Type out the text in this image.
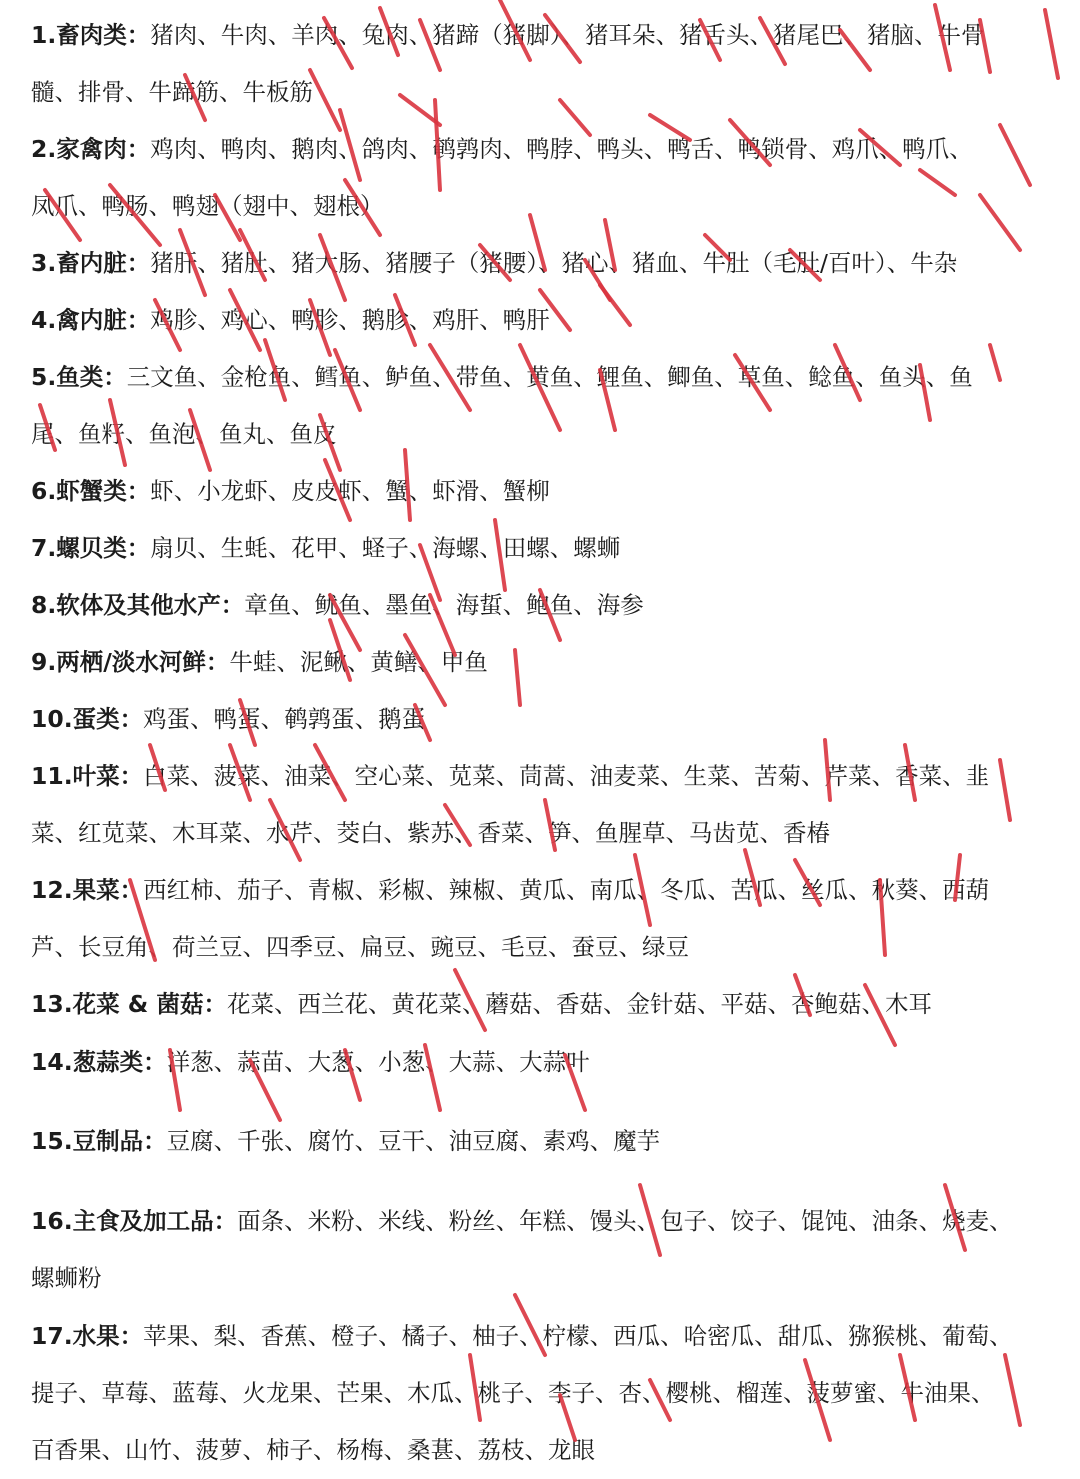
1.畜肉类：猪肉、牛肉、羊肉、兔肉、猪蹄（猪脚）、猪耳朵、猪舌头、猪尾巴、猪脑、牛骨
髓、排骨、牛蹄筋、牛板筋
2.家禽肉：鸡肉、鸭肉、鹅肉、鸽肉、鹌鹑肉、鸭脖、鸭头、鸭舌、鸭锁骨、鸡爪、鸭爪、
凤爪、鸭肠、鸭翅（翅中、翅根）
3.畜内脏：猪肝、猪肚、猪大肠、猪腰子（猪腰）、猪心、猪血、牛肚（毛肚/百叶）、牛杂
4.禽内脏：鸡胗、鸡心、鸭胗、鹅胗、鸡肝、鸭肝
5.鱼类：三文鱼、金枪鱼、鳕鱼、鲈鱼、带鱼、黄鱼、鲤鱼、鲫鱼、草鱼、鲶鱼、鱼头、鱼
尾、鱼籽、鱼泡、鱼丸、鱼皮
6.虾蟹类：虾、小龙虾、皮皮虾、蟹、虾滑、蟹柳
7.螺贝类：扇贝、生蚝、花甲、蛏子、海螺、田螺、螺蛳
8.软体及其他水产：章鱼、鱿鱼、墨鱼、海蜇、鲍鱼、海参
9.两栖/淡水河鲜：牛蛙、泥鳅、黄鳝、甲鱼
10.蛋类：鸡蛋、鸭蛋、鹌鹑蛋、鹅蛋
11.叶菜：白菜、菠菜、油菜、空心菜、苋菜、茼蒿、油麦菜、生菜、苦菊、芹菜、香菜、韭
菜、红苋菜、木耳菜、水芹、茭白、紫苏、香菜、笋、鱼腥草、马齿苋、香椿
12.果菜：西红柿、茄子、青椒、彩椒、辣椒、黄瓜、南瓜、冬瓜、苦瓜、丝瓜、秋葵、西葫
芦、长豆角、荷兰豆、四季豆、扁豆、豌豆、毛豆、蚕豆、绿豆
13.花菜 & 菌菇：花菜、西兰花、黄花菜、蘑菇、香菇、金针菇、平菇、杏鲍菇、木耳
14.葱蒜类：洋葱、蒜苗、大葱、小葱、大蒜、大蒜叶
15.豆制品：豆腐、千张、腐竹、豆干、油豆腐、素鸡、魔芋
16.主食及加工品：面条、米粉、米线、粉丝、年糕、馒头、包子、饺子、馄饨、油条、烧麦、
螺蛳粉
17.水果：苹果、梨、香蕉、橙子、橘子、柚子、柠檬、西瓜、哈密瓜、甜瓜、猕猴桃、葡萄、
提子、草莓、蓝莓、火龙果、芒果、木瓜、桃子、李子、杏、樱桃、榴莲、菠萝蜜、牛油果、
百香果、山竹、菠萝、柿子、杨梅、桑葚、荔枝、龙眼
